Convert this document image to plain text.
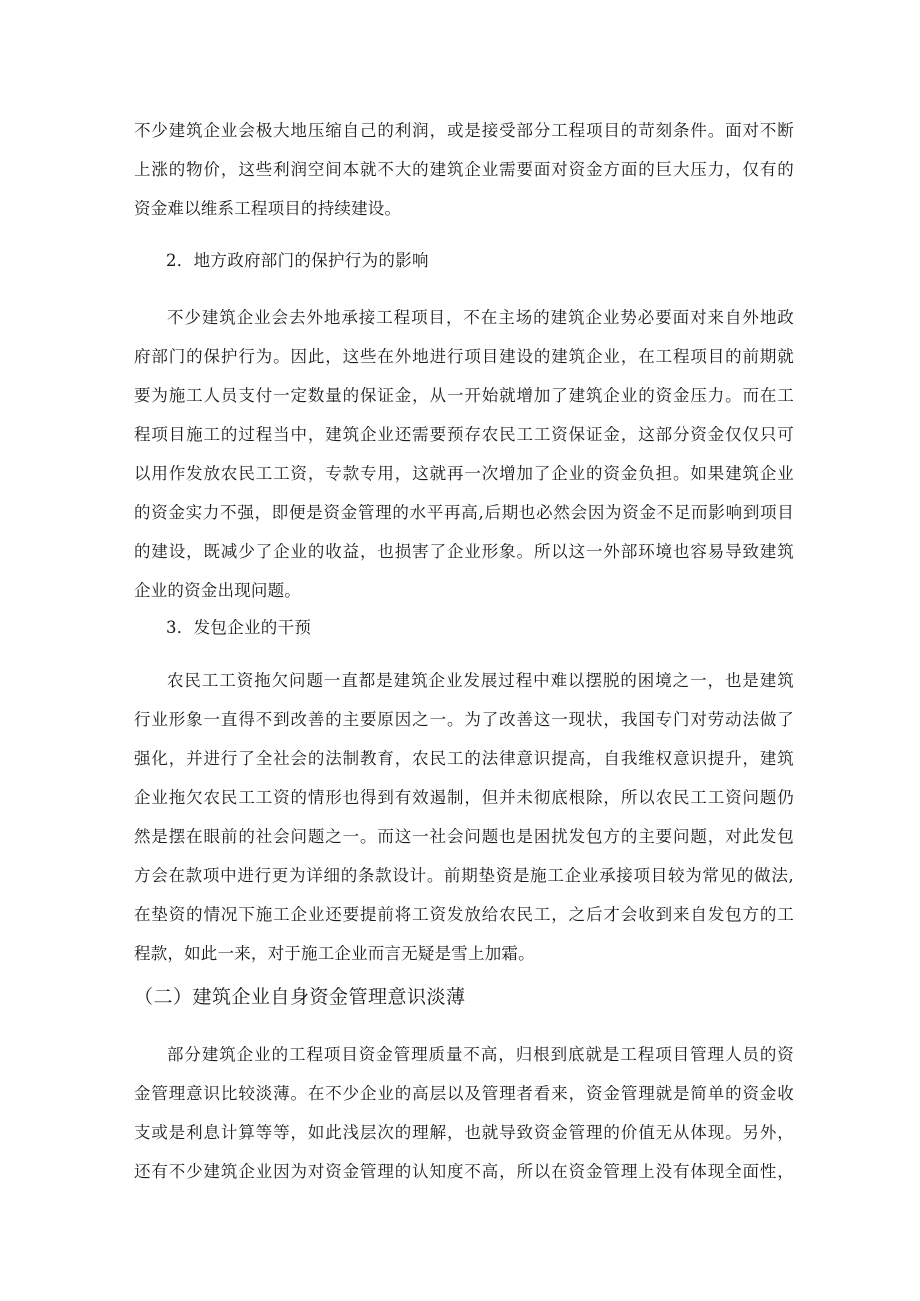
不少建筑企业会极大地压缩自己的利润，或是接受部分工程项目的苛刻条件。面对不断
上涨的物价，这些利润空间本就不大的建筑企业需要面对资金方面的巨大压力，仅有的
资金难以维系工程项目的持续建设。
2．地方政府部门的保护行为的影响
不少建筑企业会去外地承接工程项目，不在主场的建筑企业势必要面对来自外地政
府部门的保护行为。因此，这些在外地进行项目建设的建筑企业，在工程项目的前期就
要为施工人员支付一定数量的保证金，从一开始就增加了建筑企业的资金压力。而在工
程项目施工的过程当中，建筑企业还需要预存农民工工资保证金，这部分资金仅仅只可
以用作发放农民工工资，专款专用，这就再一次增加了企业的资金负担。如果建筑企业
的资金实力不强，即便是资金管理的水平再高,后期也必然会因为资金不足而影响到项目
的建设，既减少了企业的收益，也损害了企业形象。所以这一外部环境也容易导致建筑
企业的资金出现问题。
3．发包企业的干预
农民工工资拖欠问题一直都是建筑企业发展过程中难以摆脱的困境之一，也是建筑
行业形象一直得不到改善的主要原因之一。为了改善这一现状，我国专门对劳动法做了
强化，并进行了全社会的法制教育，农民工的法律意识提高，自我维权意识提升，建筑
企业拖欠农民工工资的情形也得到有效遏制，但并未彻底根除，所以农民工工资问题仍
然是摆在眼前的社会问题之一。而这一社会问题也是困扰发包方的主要问题，对此发包
方会在款项中进行更为详细的条款设计。前期垫资是施工企业承接项目较为常见的做法,
在垫资的情况下施工企业还要提前将工资发放给农民工，之后才会收到来自发包方的工
程款，如此一来，对于施工企业而言无疑是雪上加霜。
（二）建筑企业自身资金管理意识淡薄
部分建筑企业的工程项目资金管理质量不高，归根到底就是工程项目管理人员的资
金管理意识比较淡薄。在不少企业的高层以及管理者看来，资金管理就是简单的资金收
支或是利息计算等等，如此浅层次的理解，也就导致资金管理的价值无从体现。另外，
还有不少建筑企业因为对资金管理的认知度不高，所以在资金管理上没有体现全面性，
